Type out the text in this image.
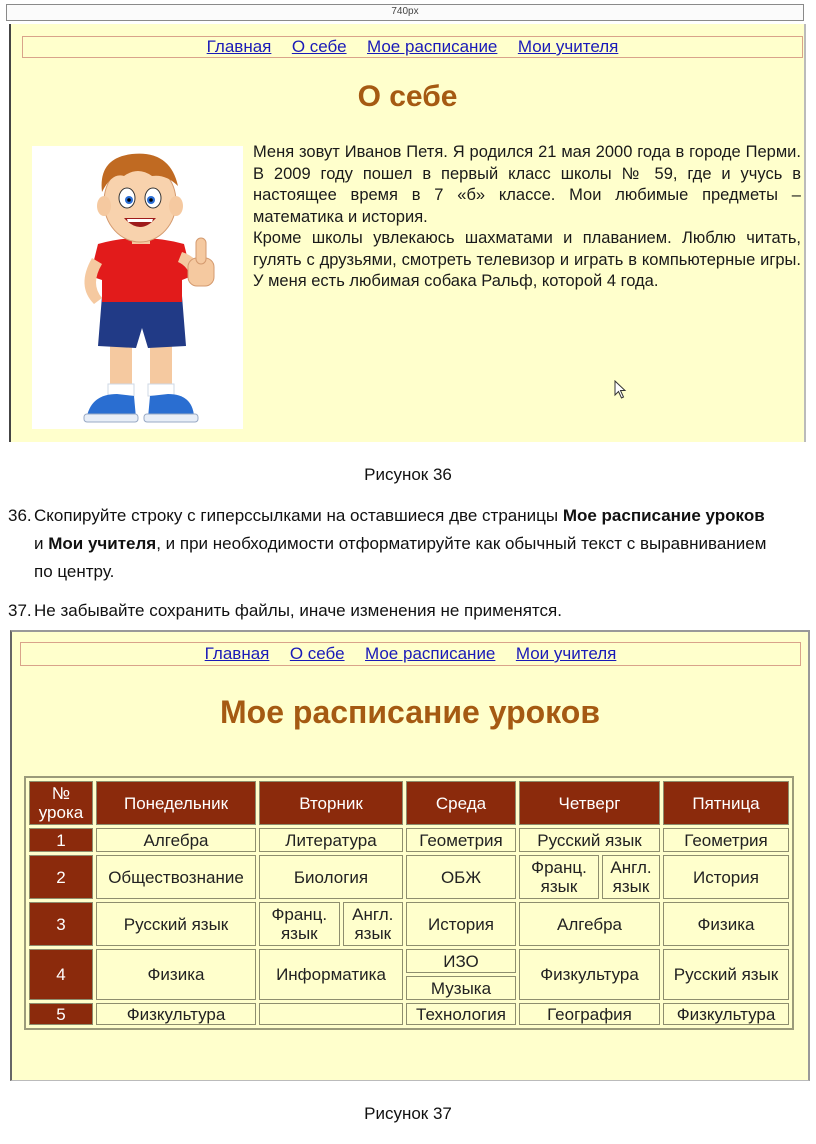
740px
Главная О себе Мое расписание Мои учителя
О себе

Меня зовут Иванов Петя. Я родился 21 мая 2000 года в городе Перми. В 2009 году пошел в первый класс школы № 59, где и учусь в настоящее время в 7 «б» классе. Мои любимые предметы – математика и история.

Кроме школы увлекаюсь шахматами и плаванием. Люблю читать, гулять с друзьями, смотреть телевизор и играть в компьютерные игры. У меня есть любимая собака Ральф, которой 4 года.

Рисунок 36
36. Скопируйте строку с гиперссылками на оставшиеся две страницы Мое расписание уроков и Мои учителя, и при необходимости отформатируйте как обычный текст с выравниванием по центру.
37. Не забывайте сохранить файлы, иначе изменения не применятся.
Главная О себе Мое расписание Мои учителя
Мое расписание уроков
№ урока	Понедельник	Вторник		Среда	Четверг		Пятница
1	Алгебра	Литература		Геометрия	Русский язык		Геометрия
2	Обществознание	Биология		ОБЖ	Франц. язык	Англ. язык	История
3	Русский язык	Франц. язык	Англ. язык	История	Алгебра		Физика
4	Физика	Информатика		ИЗО	Физкультура		Русский язык
				Музыка			
5	Физкультура			Технология	География		Физкультура
Рисунок 37
